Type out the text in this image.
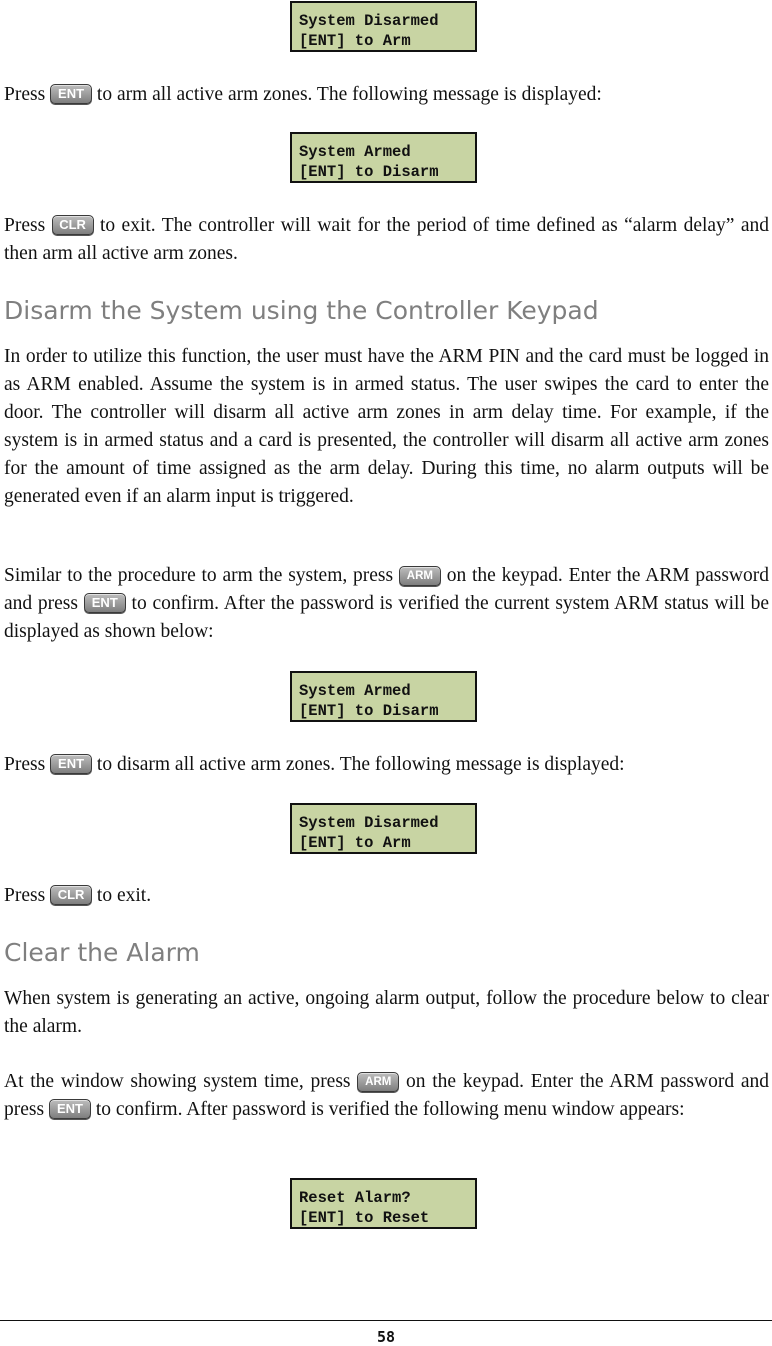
System Disarmed
[ENT] to Arm

Press ENT to arm all active arm zones. The following message is displayed:

System Armed
[ENT] to Disarm

Press CLR to exit. The controller will wait for the period of time defined as “alarm delay” and then arm all active arm zones.

Disarm the System using the Controller Keypad

In order to utilize this function, the user must have the ARM PIN and the card must be logged in as ARM enabled. Assume the system is in armed status. The user swipes the card to enter the door. The controller will disarm all active arm zones in arm delay time. For example, if the system is in armed status and a card is presented, the controller will disarm all active arm zones for the amount of time assigned as the arm delay. During this time, no alarm outputs will be generated even if an alarm input is triggered.

Similar to the procedure to arm the system, press ARM on the keypad. Enter the ARM password and press ENT to confirm. After the password is verified the current system ARM status will be displayed as shown below:

System Armed
[ENT] to Disarm

Press ENT to disarm all active arm zones. The following message is displayed:

System Disarmed
[ENT] to Arm

Press CLR to exit.

Clear the Alarm

When system is generating an active, ongoing alarm output, follow the procedure below to clear the alarm.

At the window showing system time, press ARM on the keypad. Enter the ARM password and press ENT to confirm. After password is verified the following menu window appears:

Reset Alarm?
[ENT] to Reset
58
